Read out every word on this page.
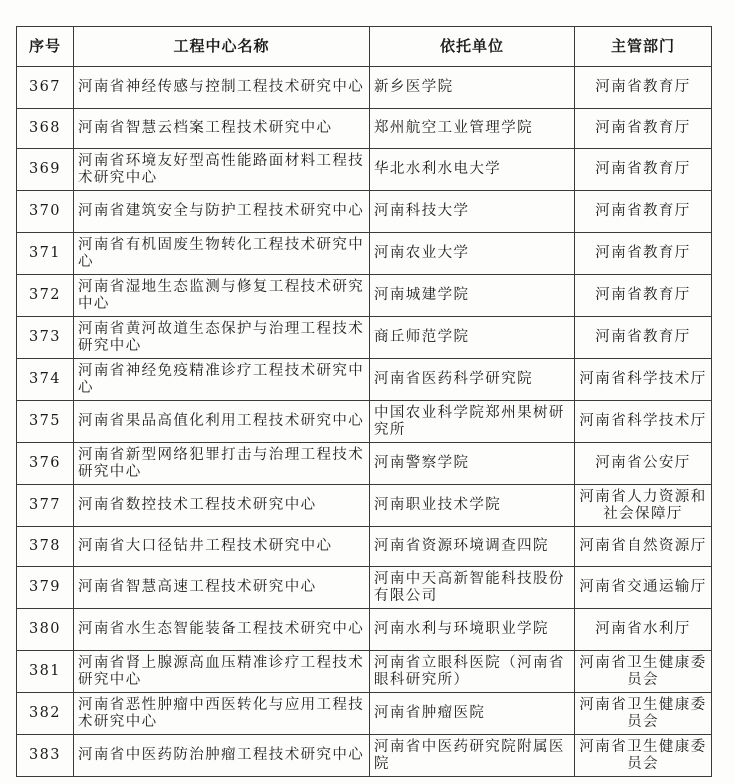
序号	工程中心名称	依托单位	主管部门
367	河南省神经传感与控制工程技术研究中心	新乡医学院	河南省教育厅
368	河南省智慧云档案工程技术研究中心	郑州航空工业管理学院	河南省教育厅
369	河南省环境友好型高性能路面材料工程技术研究中心	华北水利水电大学	河南省教育厅
370	河南省建筑安全与防护工程技术研究中心	河南科技大学	河南省教育厅
371	河南省有机固废生物转化工程技术研究中心	河南农业大学	河南省教育厅
372	河南省湿地生态监测与修复工程技术研究中心	河南城建学院	河南省教育厅
373	河南省黄河故道生态保护与治理工程技术研究中心	商丘师范学院	河南省教育厅
374	河南省神经免疫精准诊疗工程技术研究中心	河南省医药科学研究院	河南省科学技术厅
375	河南省果品高值化利用工程技术研究中心	中国农业科学院郑州果树研究所	河南省科学技术厅
376	河南省新型网络犯罪打击与治理工程技术研究中心	河南警察学院	河南省公安厅
377	河南省数控技术工程技术研究中心	河南职业技术学院	河南省人力资源和社会保障厅
378	河南省大口径钻井工程技术研究中心	河南省资源环境调查四院	河南省自然资源厅
379	河南省智慧高速工程技术研究中心	河南中天高新智能科技股份有限公司	河南省交通运输厅
380	河南省水生态智能装备工程技术研究中心	河南水利与环境职业学院	河南省水利厅
381	河南省肾上腺源高血压精准诊疗工程技术研究中心	河南省立眼科医院（河南省眼科研究所）	河南省卫生健康委员会
382	河南省恶性肿瘤中西医转化与应用工程技术研究中心	河南省肿瘤医院	河南省卫生健康委员会
383	河南省中医药防治肿瘤工程技术研究中心	河南省中医药研究院附属医院	河南省卫生健康委员会
